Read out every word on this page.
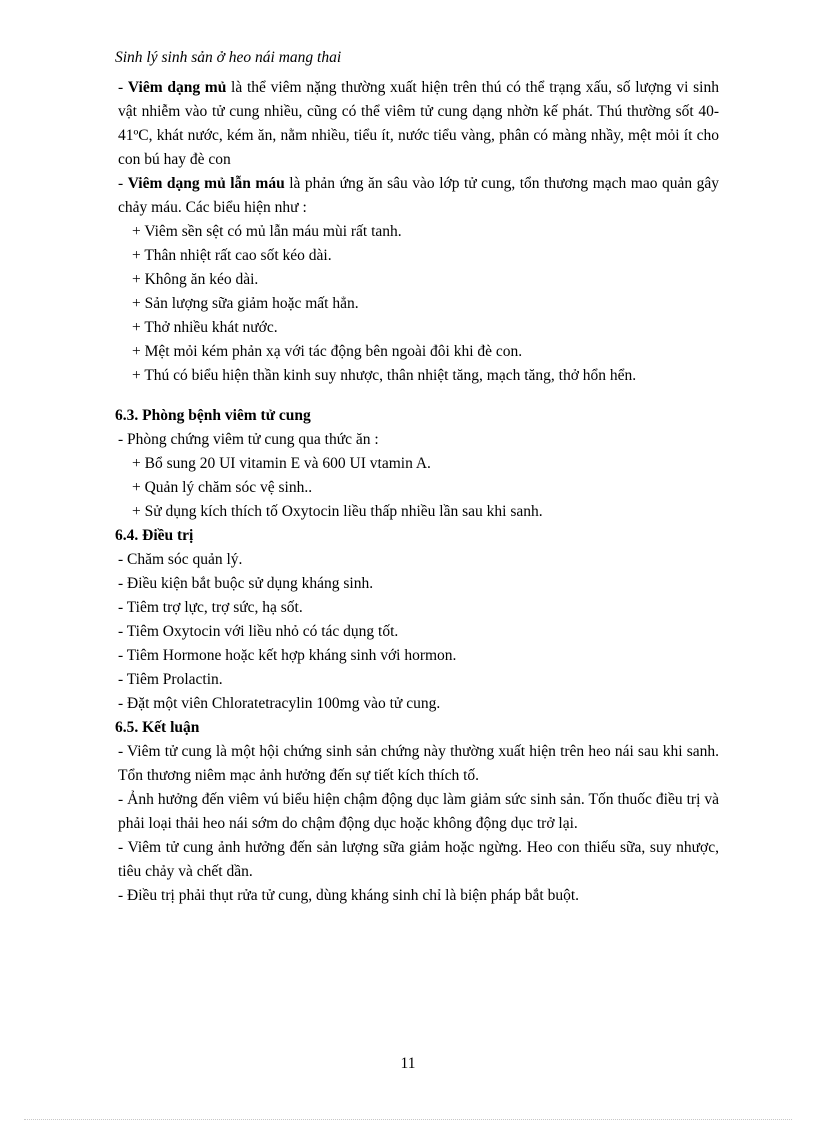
Sinh lý sinh sản ở heo nái mang thai

- Viêm dạng mủ là thể viêm nặng thường xuất hiện trên thú có thể trạng xấu, số lượng vi sinh vật nhiễm vào tử cung nhiều, cũng có thể viêm tử cung dạng nhờn kế phát. Thú thường sốt 40-41ºC, khát nước, kém ăn, nằm nhiều, tiểu ít, nước tiểu vàng, phân có màng nhầy, mệt mỏi ít cho con bú hay đè con

- Viêm dạng mủ lẫn máu là phản ứng ăn sâu vào lớp tử cung, tổn thương mạch mao quản gây chảy máu. Các biểu hiện như :

+ Viêm sền sệt có mủ lẫn máu mùi rất tanh.

+ Thân nhiệt rất cao sốt kéo dài.

+ Không ăn kéo dài.

+ Sản lượng sữa giảm hoặc mất hẳn.

+ Thở nhiều khát nước.

+ Mệt mỏi kém phản xạ với tác động bên ngoài đôi khi đè con.

+ Thú có biểu hiện thần kinh suy nhược, thân nhiệt tăng, mạch tăng, thở hổn hển.

6.3. Phòng bệnh viêm tử cung

- Phòng chứng viêm tử cung qua thức ăn :

+ Bổ sung 20 UI vitamin E và 600 UI vtamin A.

+ Quản lý chăm sóc vệ sinh..

+ Sử dụng kích thích tố Oxytocin liều thấp nhiều lần sau khi sanh.

6.4. Điều trị

- Chăm sóc quản lý.

- Điều kiện bắt buộc sử dụng kháng sinh.

- Tiêm trợ lực, trợ sức, hạ sốt.

- Tiêm Oxytocin với liều nhỏ có tác dụng tốt.

- Tiêm Hormone hoặc kết hợp kháng sinh với hormon.

- Tiêm Prolactin.

- Đặt một viên Chloratetracylin 100mg vào tử cung.

6.5. Kết luận

- Viêm tử cung là một hội chứng sinh sản chứng này thường xuất hiện trên heo nái sau khi sanh. Tổn thương niêm mạc ảnh hưởng đến sự tiết kích thích tố.

- Ảnh hưởng đến viêm vú biểu hiện chậm động dục làm giảm sức sinh sản. Tốn thuốc điều trị và phải loại thải heo nái sớm do chậm động dục hoặc không động dục trở lại.

- Viêm tử cung ảnh hưởng đến sản lượng sữa giảm hoặc ngừng. Heo con thiếu sữa, suy nhược, tiêu chảy và chết dần.

- Điều trị phải thụt rửa tử cung, dùng kháng sinh chỉ là biện pháp bắt buột.

11
